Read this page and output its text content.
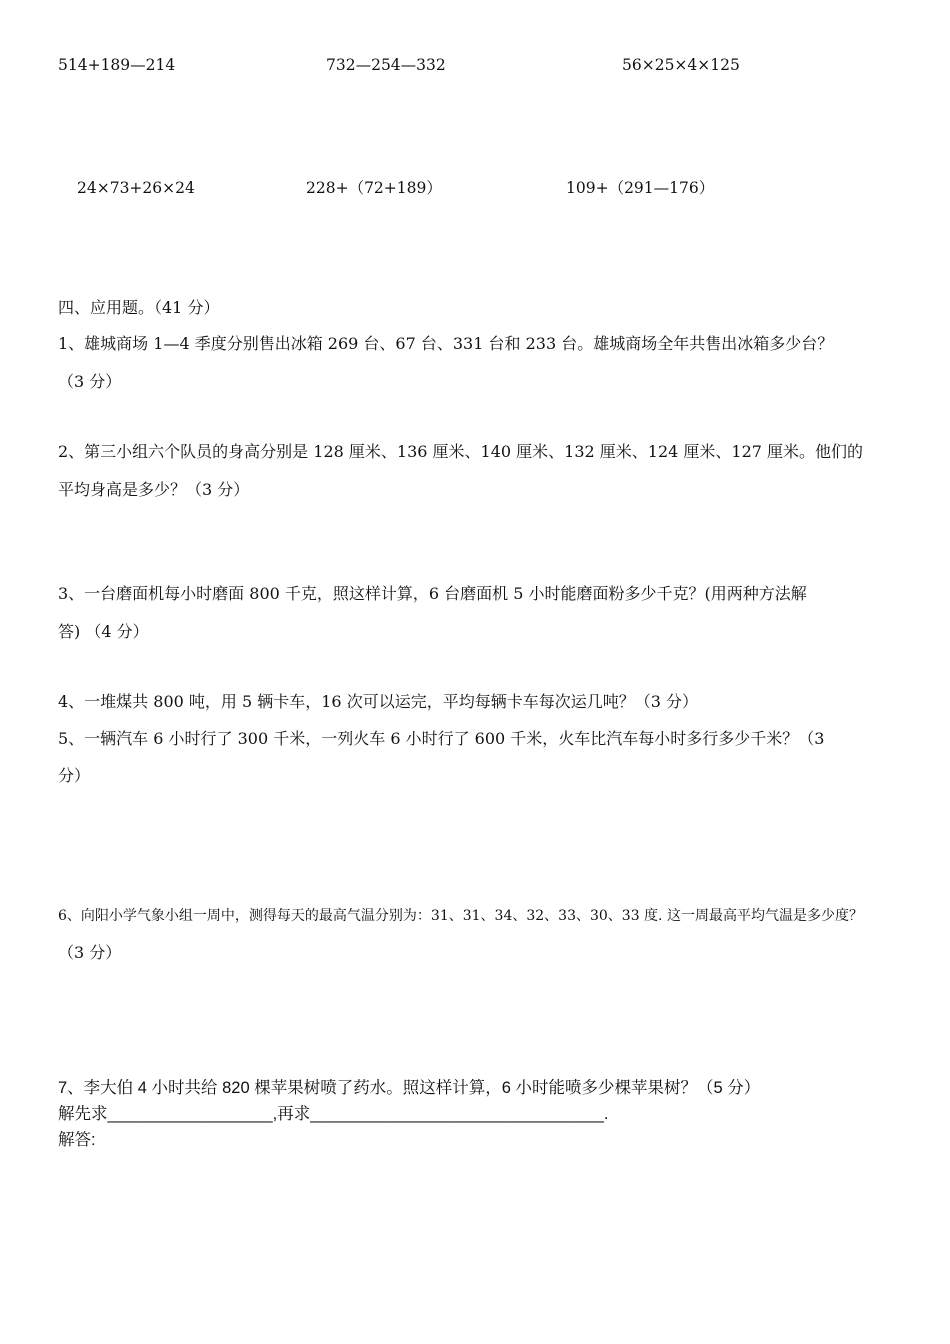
514+189—214	732—254—332	56×25×4×125
24×73+26×24	228+（72+189）	109+（291—176）
四、应用题。（41 分）
1、雄城商场 1—4 季度分别售出冰箱 269 台、67 台、331 台和 233 台。雄城商场全年共售出冰箱多少台？
（3 分）
2、第三小组六个队员的身高分别是 128 厘米、136 厘米、140 厘米、132 厘米、124 厘米、127 厘米。他们的
平均身高是多少？（3 分）
3、一台磨面机每小时磨面 800 千克，照这样计算，6 台磨面机 5 小时能磨面粉多少千克？(用两种方法解
答) （4 分）
4、一堆煤共 800 吨，用 5 辆卡车，16 次可以运完，平均每辆卡车每次运几吨？（3 分）
5、一辆汽车 6 小时行了 300 千米，一列火车 6 小时行了 600 千米，火车比汽车每小时多行多少千米？（3
分）
6、向阳小学气象小组一周中，测得每天的最高气温分别为：31、31、34、32、33、30、33 度. 这一周最高平均气温是多少度？
（3 分）
7、李大伯 4 小时共给 820 棵苹果树喷了药水。照这样计算，6 小时能喷多少棵苹果树？（5 分）
解先求__________________,再求________________________________.
解答:
